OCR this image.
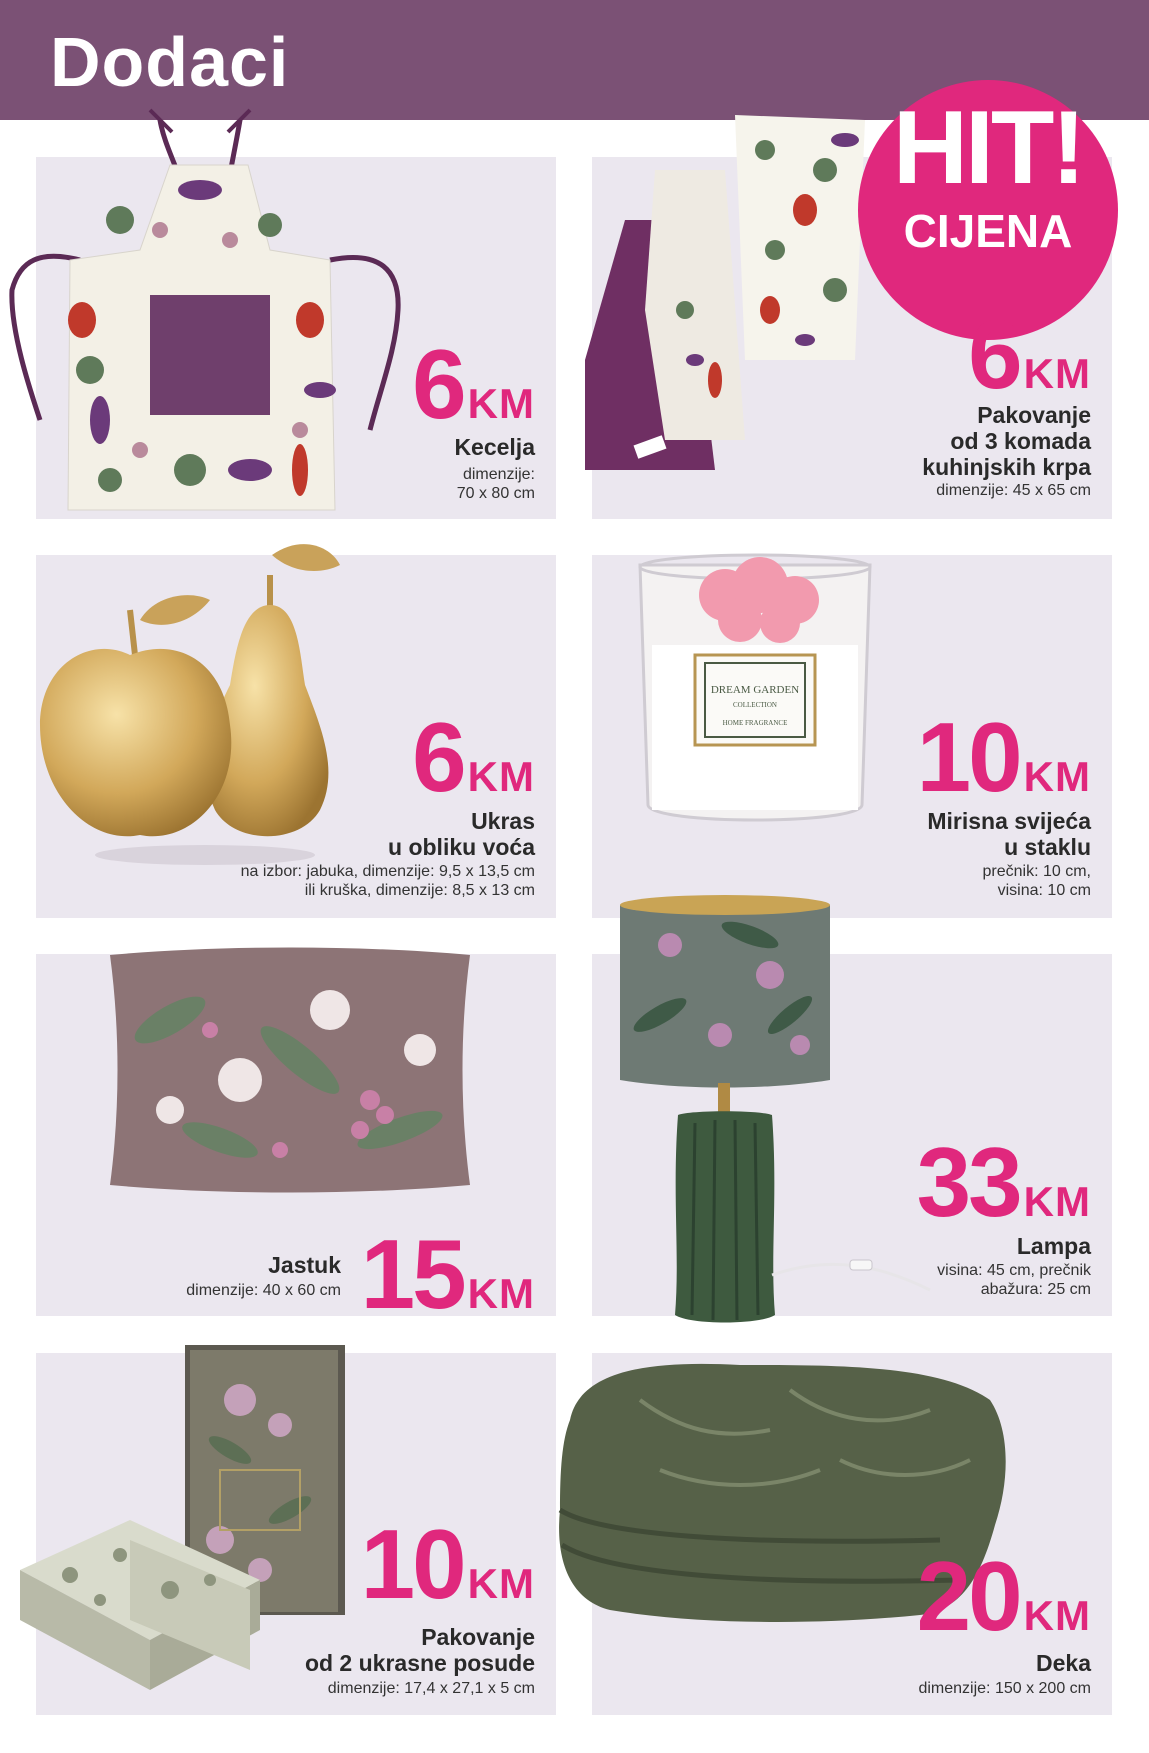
Dodaci
HIT!
CIJENA
6KM
Kecelja
dimenzije:
70 x 80 cm
6KM
Pakovanje
od 3 komada
kuhinjskih krpa
dimenzije: 45 x 65 cm
DREAM GARDEN
COLLECTION
HOME FRAGRANCE
6KM
Ukras
u obliku voća
na izbor: jabuka, dimenzije: 9,5 x 13,5 cm
ili kruška, dimenzije: 8,5 x 13 cm
10KM
Mirisna svijeća
u staklu
prečnik: 10 cm,
visina: 10 cm
15KM
Jastuk
dimenzije: 40 x 60 cm
33KM
Lampa
visina: 45 cm, prečnik
abažura: 25 cm
10KM
Pakovanje
od 2 ukrasne posude
dimenzije: 17,4 x 27,1 x 5 cm
20KM
Deka
dimenzije: 150 x 200 cm
